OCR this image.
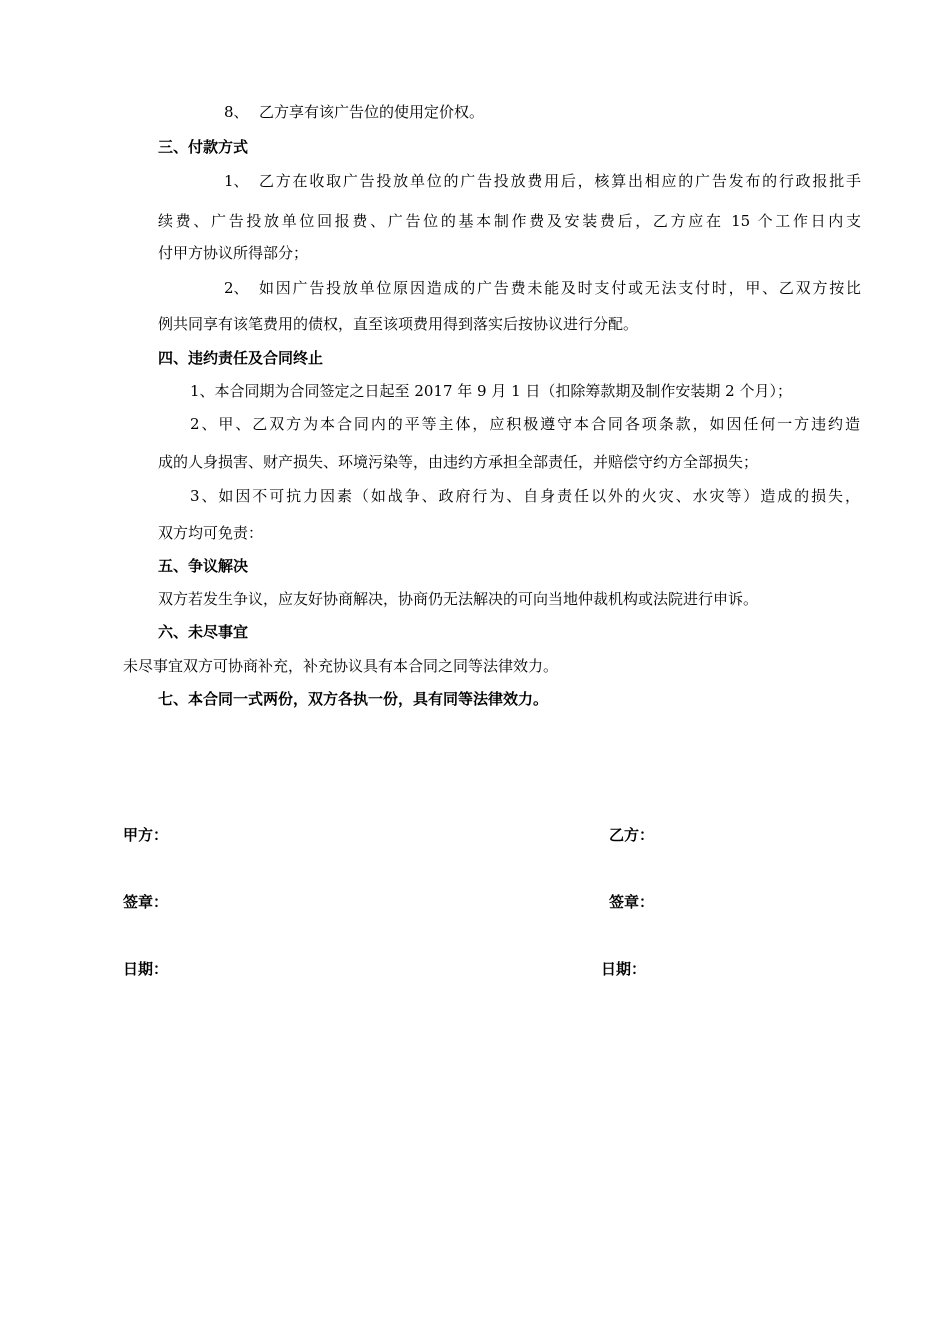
8、 乙方享有该广告位的使用定价权。
三、付款方式
1、 乙方在收取广告投放单位的广告投放费用后，核算出相应的广告发布的行政报批手
续费、广告投放单位回报费、广告位的基本制作费及安装费后，乙方应在 15 个工作日内支
付甲方协议所得部分；
2、 如因广告投放单位原因造成的广告费未能及时支付或无法支付时，甲、乙双方按比
例共同享有该笔费用的债权，直至该项费用得到落实后按协议进行分配。
四、违约责任及合同终止
1、本合同期为合同签定之日起至 2017 年 9 月 1 日（扣除筹款期及制作安装期 2 个月）；
2、甲、乙双方为本合同内的平等主体，应积极遵守本合同各项条款，如因任何一方违约造
成的人身损害、财产损失、环境污染等，由违约方承担全部责任，并赔偿守约方全部损失；
3、如因不可抗力因素（如战争、政府行为、自身责任以外的火灾、水灾等）造成的损失，
双方均可免责：
五、争议解决
双方若发生争议，应友好协商解决，协商仍无法解决的可向当地仲裁机构或法院进行申诉。
六、未尽事宜
未尽事宜双方可协商补充，补充协议具有本合同之同等法律效力。
七、本合同一式两份，双方各执一份，具有同等法律效力。
甲方：	乙方：
签章：	签章：
日期：	日期：
